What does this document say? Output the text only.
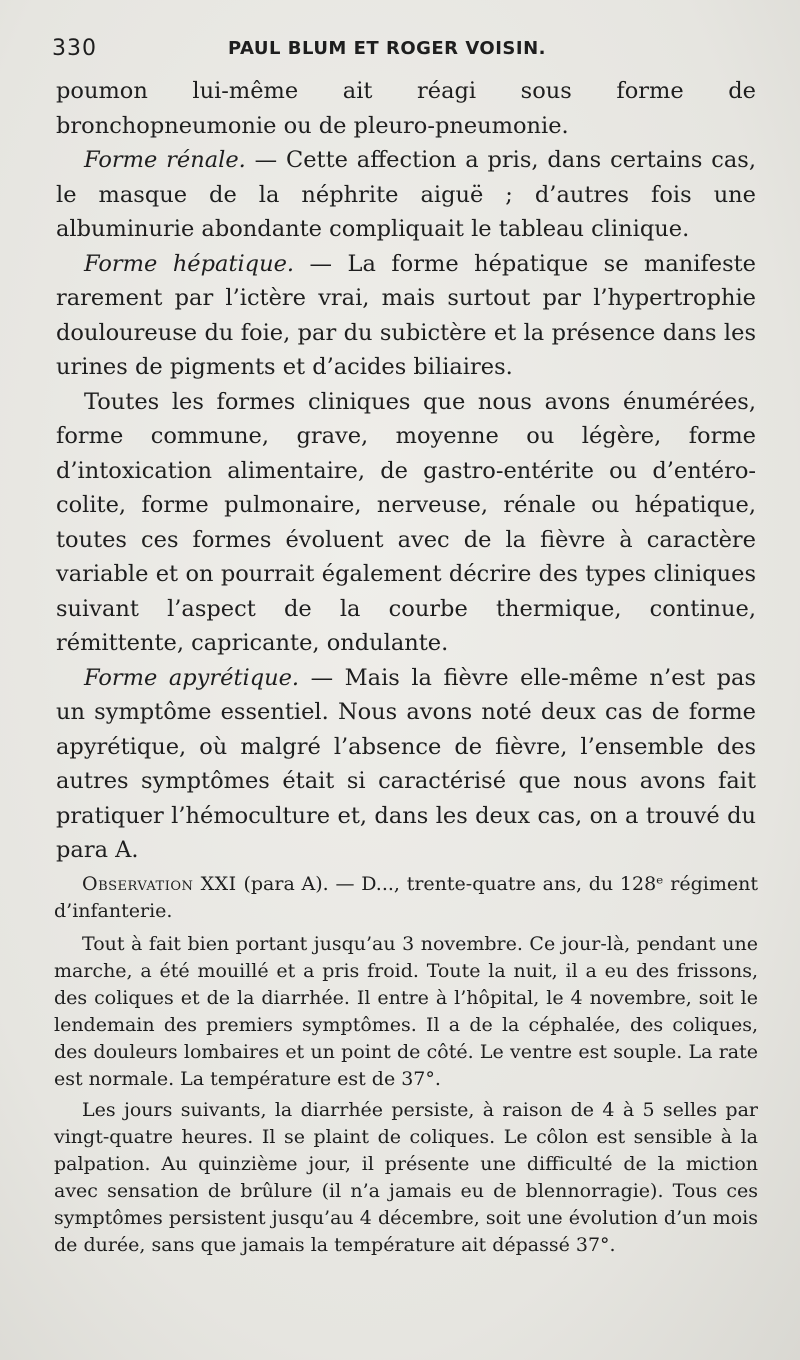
330	PAUL BLUM ET ROGER VOISIN.

poumon lui-même ait réagi sous forme de bronchopneumonie ou de pleuro-pneumonie.

Forme rénale. — Cette affection a pris, dans certains cas, le masque de la néphrite aiguë ; d’autres fois une albuminurie abondante compliquait le tableau clinique.

Forme hépatique. — La forme hépatique se manifeste rarement par l’ictère vrai, mais surtout par l’hypertrophie douloureuse du foie, par du subictère et la présence dans les urines de pigments et d’acides biliaires.

Toutes les formes cliniques que nous avons énumérées, forme commune, grave, moyenne ou légère, forme d’intoxication alimentaire, de gastro-entérite ou d’entéro-colite, forme pulmonaire, nerveuse, rénale ou hépatique, toutes ces formes évoluent avec de la fièvre à caractère variable et on pourrait également décrire des types cliniques suivant l’aspect de la courbe thermique, continue, rémittente, capricante, ondulante.

Forme apyrétique. — Mais la fièvre elle-même n’est pas un symptôme essentiel. Nous avons noté deux cas de forme apyrétique, où malgré l’absence de fièvre, l’ensemble des autres symptômes était si caractérisé que nous avons fait pratiquer l’hémoculture et, dans les deux cas, on a trouvé du para A.

Observation XXI (para A). — D..., trente-quatre ans, du 128ᵉ régiment d’infanterie.

Tout à fait bien portant jusqu’au 3 novembre. Ce jour-là, pendant une marche, a été mouillé et a pris froid. Toute la nuit, il a eu des frissons, des coliques et de la diarrhée. Il entre à l’hôpital, le 4 novembre, soit le lendemain des premiers symptômes. Il a de la céphalée, des coliques, des douleurs lombaires et un point de côté. Le ventre est souple. La rate est normale. La température est de 37°.

Les jours suivants, la diarrhée persiste, à raison de 4 à 5 selles par vingt-quatre heures. Il se plaint de coliques. Le côlon est sensible à la palpation. Au quinzième jour, il présente une difficulté de la miction avec sensation de brûlure (il n’a jamais eu de blennorragie). Tous ces symptômes persistent jusqu’au 4 décembre, soit une évolution d’un mois de durée, sans que jamais la température ait dépassé 37°.
